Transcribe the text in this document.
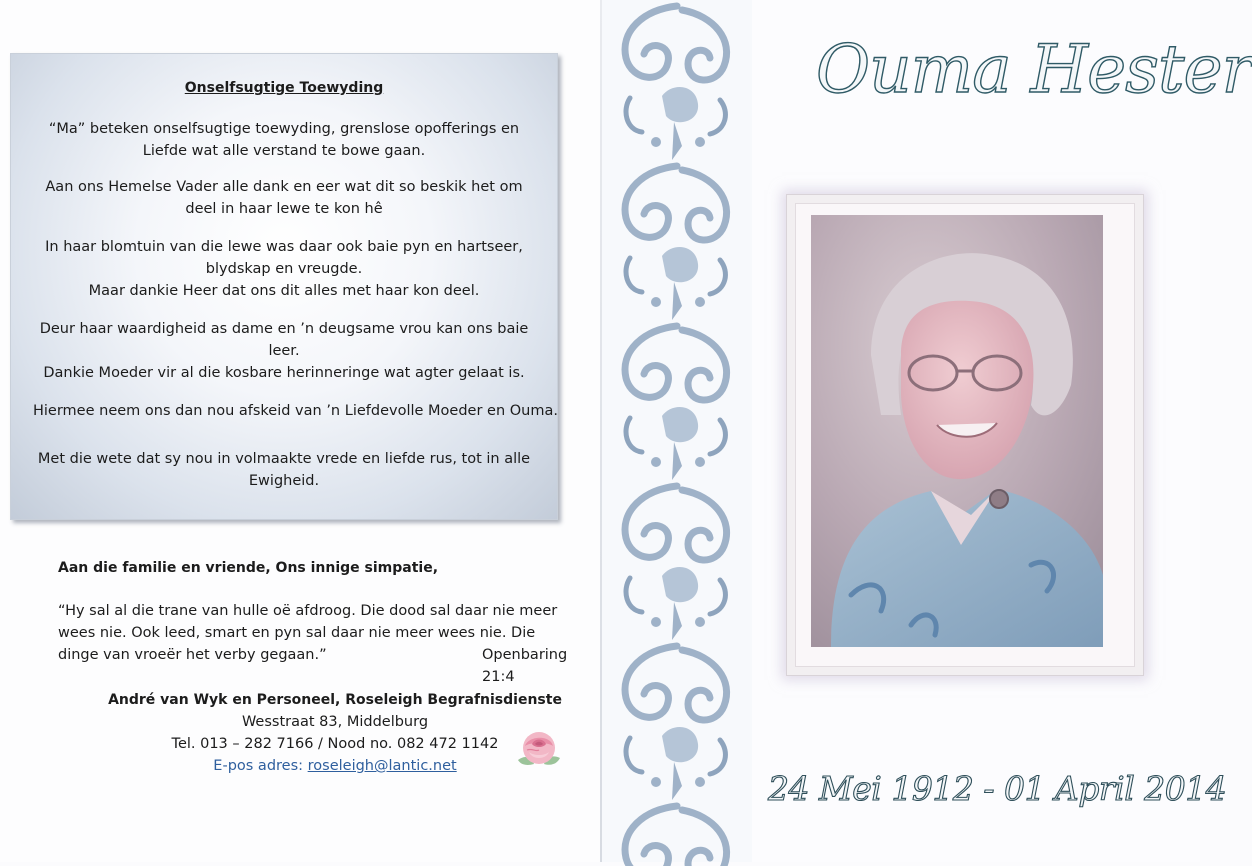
Onselfsugtige Toewyding
“Ma” beteken onselfsugtige toewyding, grenslose opofferings en
Liefde wat alle verstand te bowe gaan.
Aan ons Hemelse Vader alle dank en eer wat dit so beskik het om
deel in haar lewe te kon hê
In haar blomtuin van die lewe was daar ook baie pyn en hartseer,
blydskap en vreugde.
Maar dankie Heer dat ons dit alles met haar kon deel.
Deur haar waardigheid as dame en ’n deugsame vrou kan ons baie
leer.
Dankie Moeder vir al die kosbare herinneringe wat agter gelaat is.
Hiermee neem ons dan nou afskeid van ’n Liefdevolle Moeder en Ouma.
Met die wete dat sy nou in volmaakte vrede en liefde rus, tot in alle
Ewigheid.
Aan die familie en vriende, Ons innige simpatie,
“Hy sal al die trane van hulle oë afdroog. Die dood sal daar nie meer
wees nie. Ook leed, smart en pyn sal daar nie meer wees nie. Die
dinge van vroeër het verby gegaan.”	Openbaring 21:4
André van Wyk en Personeel, Roseleigh Begrafnisdienste
Wesstraat 83, Middelburg
Tel. 013 – 282 7166 / Nood no. 082 472 1142
E-pos adres: roseleigh@lantic.net
Ouma Hester
24 Mei 1912 - 01 April 2014
